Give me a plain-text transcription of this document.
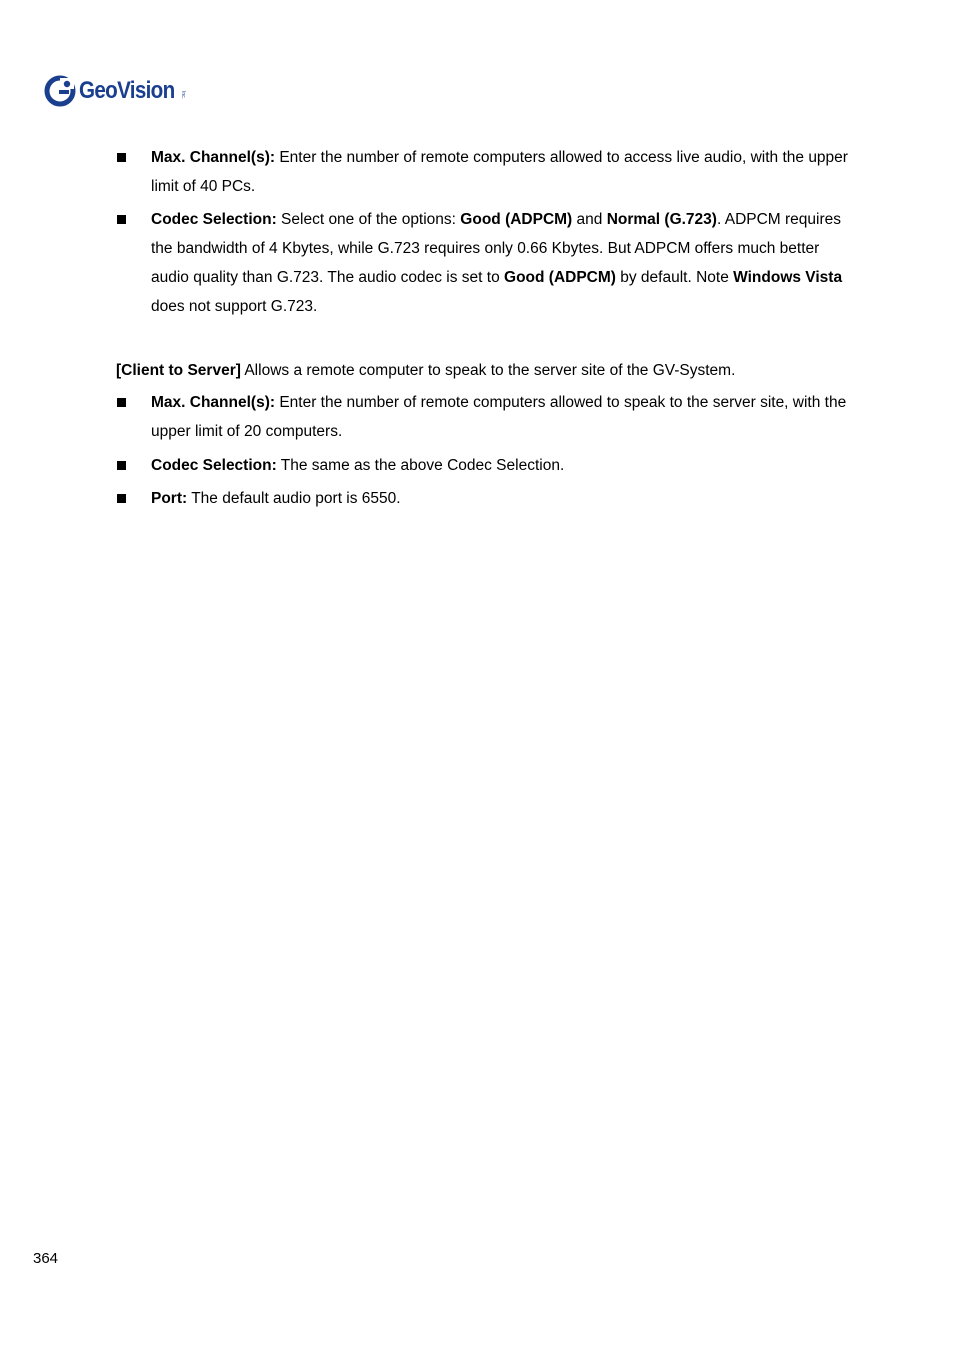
GeoVision Inc.

Max. Channel(s): Enter the number of remote computers allowed to access live audio, with the upper limit of 40 PCs.

Codec Selection: Select one of the options: Good (ADPCM) and Normal (G.723). ADPCM requires the bandwidth of 4 Kbytes, while G.723 requires only 0.66 Kbytes. But ADPCM offers much better audio quality than G.723. The audio codec is set to Good (ADPCM) by default. Note Windows Vista does not support G.723.

[Client to Server] Allows a remote computer to speak to the server site of the GV-System.

Max. Channel(s): Enter the number of remote computers allowed to speak to the server site, with the upper limit of 20 computers.

Codec Selection: The same as the above Codec Selection.

Port: The default audio port is 6550.

364
